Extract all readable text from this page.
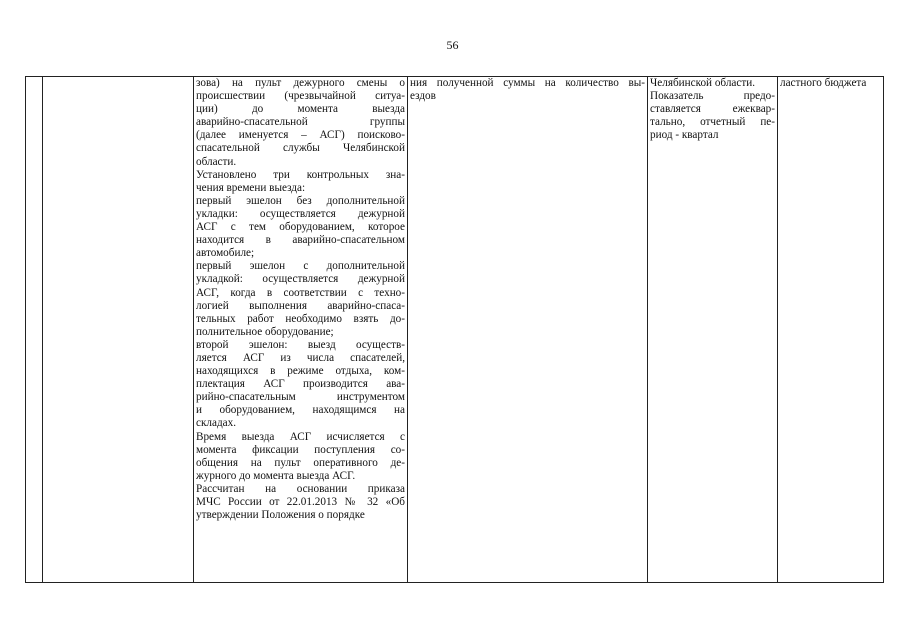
56

зова) на пульт дежурного смены о
происшествии (чрезвычайной ситуа-
ции) до момента выезда
аварийно-спасательной группы
(далее именуется – АСГ) поисково-
спасательной службы Челябинской
области.
Установлено три контрольных зна-
чения времени выезда:
первый эшелон без дополнительной
укладки: осуществляется дежурной
АСГ с тем оборудованием, которое
находится в аварийно-спасательном
автомобиле;
первый эшелон с дополнительной
укладкой: осуществляется дежурной
АСГ, когда в соответствии с техно-
логией выполнения аварийно-спаса-
тельных работ необходимо взять до-
полнительное оборудование;
второй эшелон: выезд осуществ-
ляется АСГ из числа спасателей,
находящихся в режиме отдыха, ком-
плектация АСГ производится ава-
рийно-спасательным инструментом
и оборудованием, находящимся на
складах.
Время выезда АСГ исчисляется с
момента фиксации поступления со-
общения на пульт оперативного де-
журного до момента выезда АСГ.
Рассчитан на основании приказа
МЧС России от 22.01.2013 № 32 «Об
утверждении Положения о порядке

ния полученной суммы на количество вы-
ездов

Челябинской области.
Показатель предо-
ставляется ежеквар-
тально, отчетный пе-
риод - квартал

ластного бюджета
